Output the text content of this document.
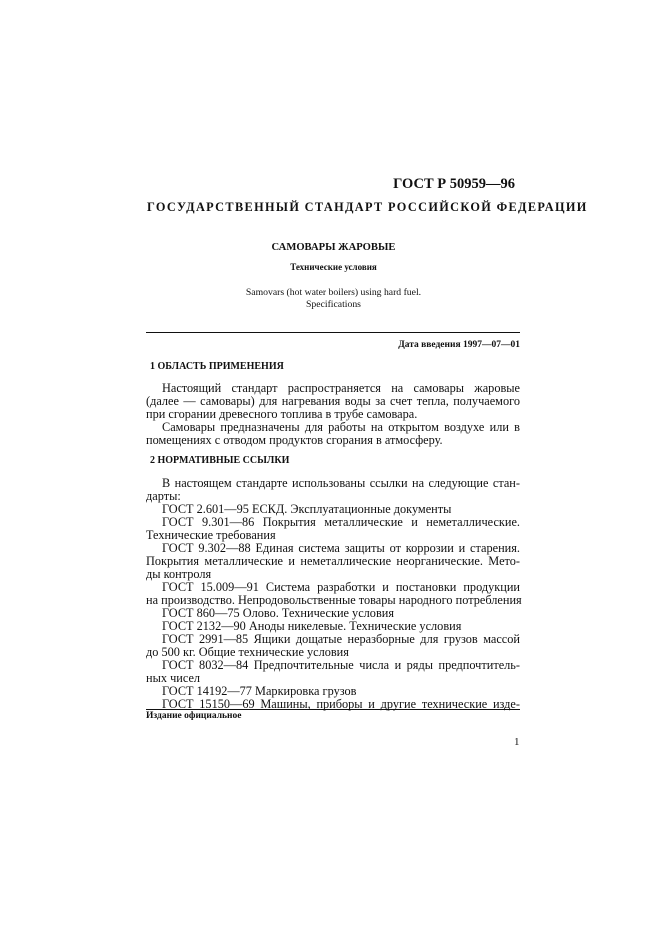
ГОСТ Р 50959—96
ГОСУДАРСТВЕННЫЙ СТАНДАРТ РОССИЙСКОЙ ФЕДЕРАЦИИ
САМОВАРЫ ЖАРОВЫЕ
Технические условия
Samovars (hot water boilers) using hard fuel.
Specifications
Дата введения 1997—07—01
1 ОБЛАСТЬ ПРИМЕНЕНИЯ
Настоящий стандарт распространяется на самовары жаровые
(далее — самовары) для нагревания воды за счет тепла, получаемого
при сгорании древесного топлива в трубе самовара.
Самовары предназначены для работы на открытом воздухе или в
помещениях с отводом продуктов сгорания в атмосферу.
2 НОРМАТИВНЫЕ ССЫЛКИ
В настоящем стандарте использованы ссылки на следующие стан-
дарты:
ГОСТ 2.601—95 ЕСКД. Эксплуатационные документы
ГОСТ 9.301—86 Покрытия металлические и неметаллические.
Технические требования
ГОСТ 9.302—88 Единая система защиты от коррозии и старения.
Покрытия металлические и неметаллические неорганические. Мето-
ды контроля
ГОСТ 15.009—91 Система разработки и постановки продукции
на производство. Непродовольственные товары народного потребления
ГОСТ 860—75 Олово. Технические условия
ГОСТ 2132—90 Аноды никелевые. Технические условия
ГОСТ 2991—85 Ящики дощатые неразборные для грузов массой
до 500 кг. Общие технические условия
ГОСТ 8032—84 Предпочтительные числа и ряды предпочтитель-
ных чисел
ГОСТ 14192—77 Маркировка грузов
ГОСТ 15150—69 Машины, приборы и другие технические изде-
Издание официальное
1
